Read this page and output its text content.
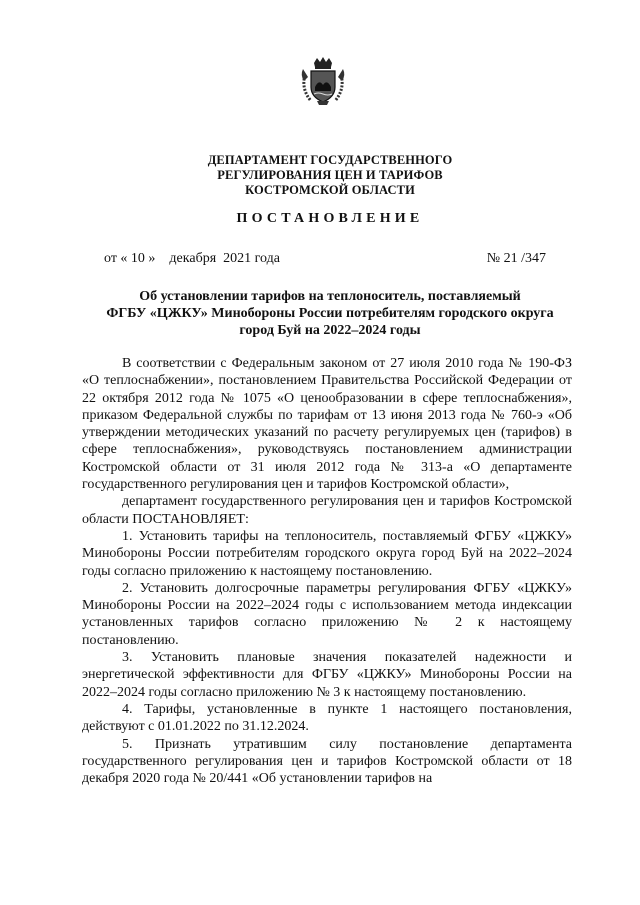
ДЕПАРТАМЕНТ ГОСУДАРСТВЕННОГО
РЕГУЛИРОВАНИЯ ЦЕН И ТАРИФОВ
КОСТРОМСКОЙ ОБЛАСТИ
ПОСТАНОВЛЕНИЕ
от « 10 »    декабря  2021 года	№ 21 /347
Об установлении тарифов на теплоноситель, поставляемый
ФГБУ «ЦЖКУ» Минобороны России потребителям городского округа
город Буй на 2022–2024 годы

В соответствии с Федеральным законом от 27 июля 2010 года № 190-ФЗ «О теплоснабжении», постановлением Правительства Российской Федерации от 22 октября 2012 года № 1075 «О ценообразовании в сфере теплоснабжения», приказом Федеральной службы по тарифам от 13 июня 2013 года № 760-э «Об утверждении методических указаний по расчету регулируемых цен (тарифов) в сфере теплоснабжения», руководствуясь постановлением администрации Костромской области от 31 июля 2012 года № 313-а «О департаменте государственного регулирования цен и тарифов Костромской области»,

департамент государственного регулирования цен и тарифов Костромской области ПОСТАНОВЛЯЕТ:

1. Установить тарифы на теплоноситель, поставляемый ФГБУ «ЦЖКУ» Минобороны России потребителям городского округа город Буй на 2022–2024 годы согласно приложению к настоящему постановлению.

2. Установить долгосрочные параметры регулирования ФГБУ «ЦЖКУ» Минобороны России на 2022–2024 годы с использованием метода индексации установленных тарифов согласно приложению № 2 к настоящему постановлению.

3. Установить плановые значения показателей надежности и энергетической эффективности для ФГБУ «ЦЖКУ» Минобороны России на 2022–2024 годы согласно приложению № 3 к настоящему постановлению.

4. Тарифы, установленные в пункте 1 настоящего постановления, действуют с 01.01.2022 по 31.12.2024.

5. Признать утратившим силу постановление департамента государственного регулирования цен и тарифов Костромской области от 18 декабря 2020 года № 20/441 «Об установлении тарифов на
